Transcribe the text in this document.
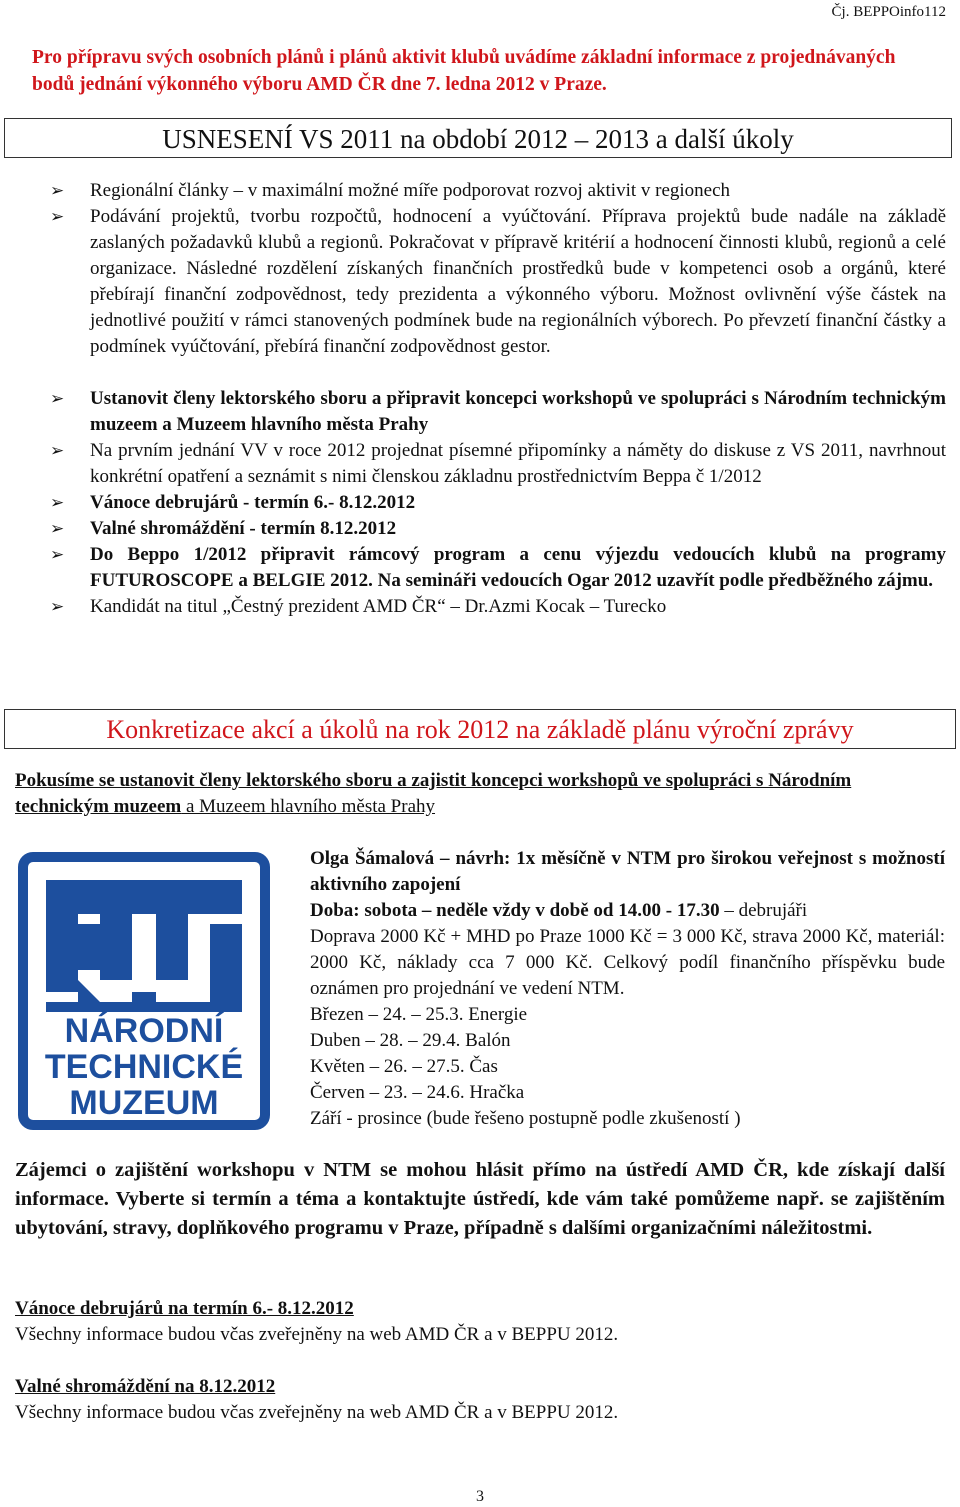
Čj. BEPPOinfo112
Pro přípravu svých osobních plánů i plánů aktivit klubů uvádíme základní informace z projednávaných bodů jednání výkonného výboru AMD ČR dne 7. ledna 2012 v Praze.
USNESENÍ VS 2011 na období 2012 – 2013 a další úkoly
➢ Regionální články – v maximální možné míře podporovat rozvoj aktivit v regionech
➢ Podávání projektů, tvorbu rozpočtů, hodnocení a vyúčtování. Příprava projektů bude nadále na základě zaslaných požadavků klubů a regionů. Pokračovat v přípravě kritérií a hodnocení činnosti klubů, regionů a celé organizace. Následné rozdělení získaných finančních prostředků bude v kompetenci osob a orgánů, které přebírají finanční zodpovědnost, tedy prezidenta a výkonného výboru. Možnost ovlivnění výše částek na jednotlivé použití v rámci stanovených podmínek bude na regionálních výborech. Po převzetí finanční částky a podmínek vyúčtování, přebírá finanční zodpovědnost gestor.
➢ Ustanovit členy lektorského sboru a připravit koncepci workshopů ve spolupráci s Národním technickým muzeem a Muzeem hlavního města Prahy
➢ Na prvním jednání VV v roce 2012 projednat písemné připomínky a náměty do diskuse z VS 2011, navrhnout konkrétní opatření a seznámit s nimi členskou základnu prostřednictvím Beppa č 1/2012
➢ Vánoce debrujárů - termín 6.- 8.12.2012
➢ Valné shromáždění - termín 8.12.2012
➢ Do Beppo 1/2012 připravit rámcový program a cenu výjezdu vedoucích klubů na programy FUTUROSCOPE a BELGIE 2012. Na semináři vedoucích Ogar 2012 uzavřít podle předběžného zájmu.
➢ Kandidát na titul „Čestný prezident AMD ČR“ – Dr.Azmi Kocak – Turecko
Konkretizace akcí a úkolů na rok 2012 na základě plánu výroční zprávy
Pokusíme se ustanovit členy lektorského sboru a zajistit koncepci workshopů ve spolupráci s Národním technickým muzeem a Muzeem hlavního města Prahy
NÁRODNÍ
TECHNICKÉ
MUZEUM

Olga Šámalová – návrh: 1x měsíčně v NTM pro širokou veřejnost s možností aktivního zapojení

Doba: sobota – neděle vždy v době od 14.00 - 17.30 – debrujáři

Doprava 2000 Kč + MHD po Praze 1000 Kč = 3 000 Kč, strava 2000 Kč, materiál: 2000 Kč, náklady cca 7 000 Kč. Celkový podíl finančního příspěvku bude oznámen pro projednání ve vedení NTM.

Březen – 24. – 25.3. Energie

Duben – 28. – 29.4. Balón

Květen – 26. – 27.5. Čas

Červen – 23. – 24.6. Hračka

Září - prosince (bude řešeno postupně podle zkušeností )

Zájemci o zajištění workshopu v NTM se mohou hlásit přímo na ústředí AMD ČR, kde získají další informace. Vyberte si termín a téma a kontaktujte ústředí, kde vám také pomůžeme např. se zajištěním ubytování, stravy, doplňkového programu v Praze, případně s dalšími organizačními náležitostmi.
Vánoce debrujárů na termín 6.- 8.12.2012
Všechny informace budou včas zveřejněny na web AMD ČR a v BEPPU 2012.
Valné shromáždění na 8.12.2012
Všechny informace budou včas zveřejněny na web AMD ČR a v BEPPU 2012.
3
